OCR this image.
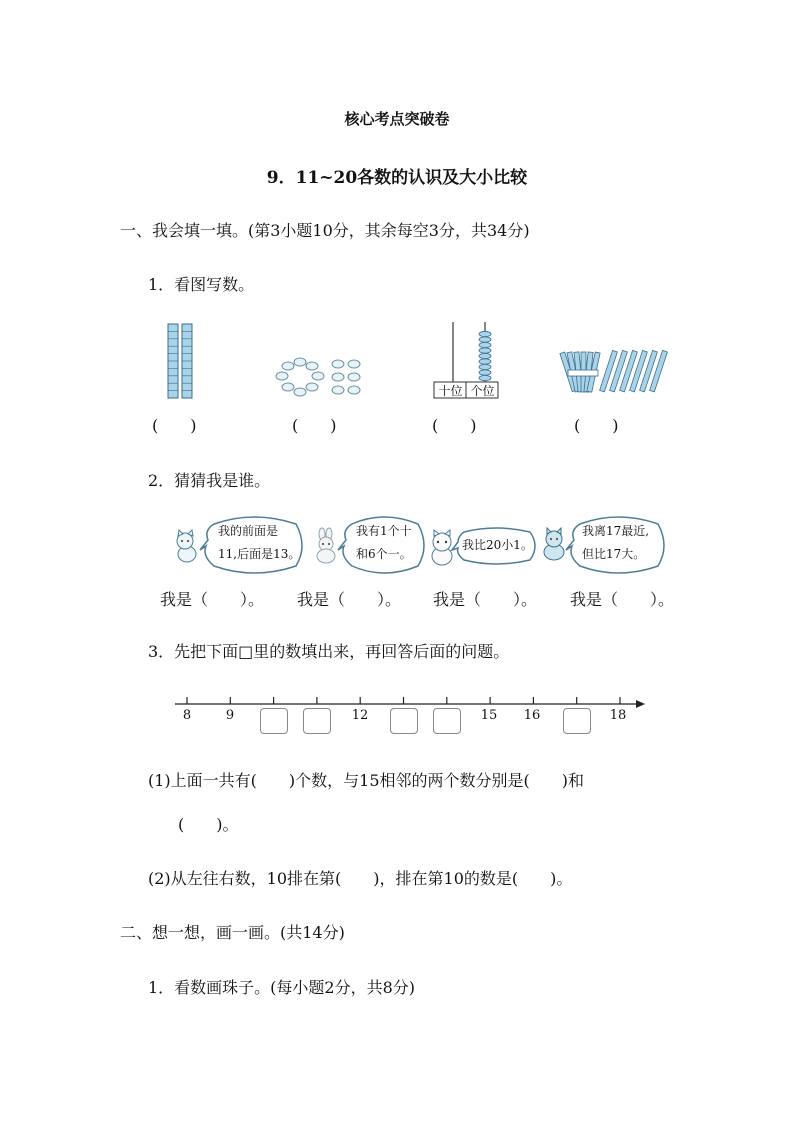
核心考点突破卷
9．11~20各数的认识及大小比较
一、我会填一填。(第3小题10分，其余每空3分，共34分)
1．看图写数。
十位 个位
(　　)	(　　)	(　　)	(　　)
2．猜猜我是谁。
我的前面是
11,后面是13。
我有1个十
和6个一。
我比20小1。
我离17最近,
但比17大。
我是（　　）。 我是（　　）。 我是（　　）。 我是（　　）。
3．先把下面□里的数填出来，再回答后面的问题。
8	9	12	15 16	18
(1)上面一共有(　　)个数，与15相邻的两个数分别是(　　)和
(　　)。
(2)从左往右数，10排在第(　　)，排在第10的数是(　　)。
二、想一想，画一画。(共14分)
1．看数画珠子。(每小题2分，共8分)
